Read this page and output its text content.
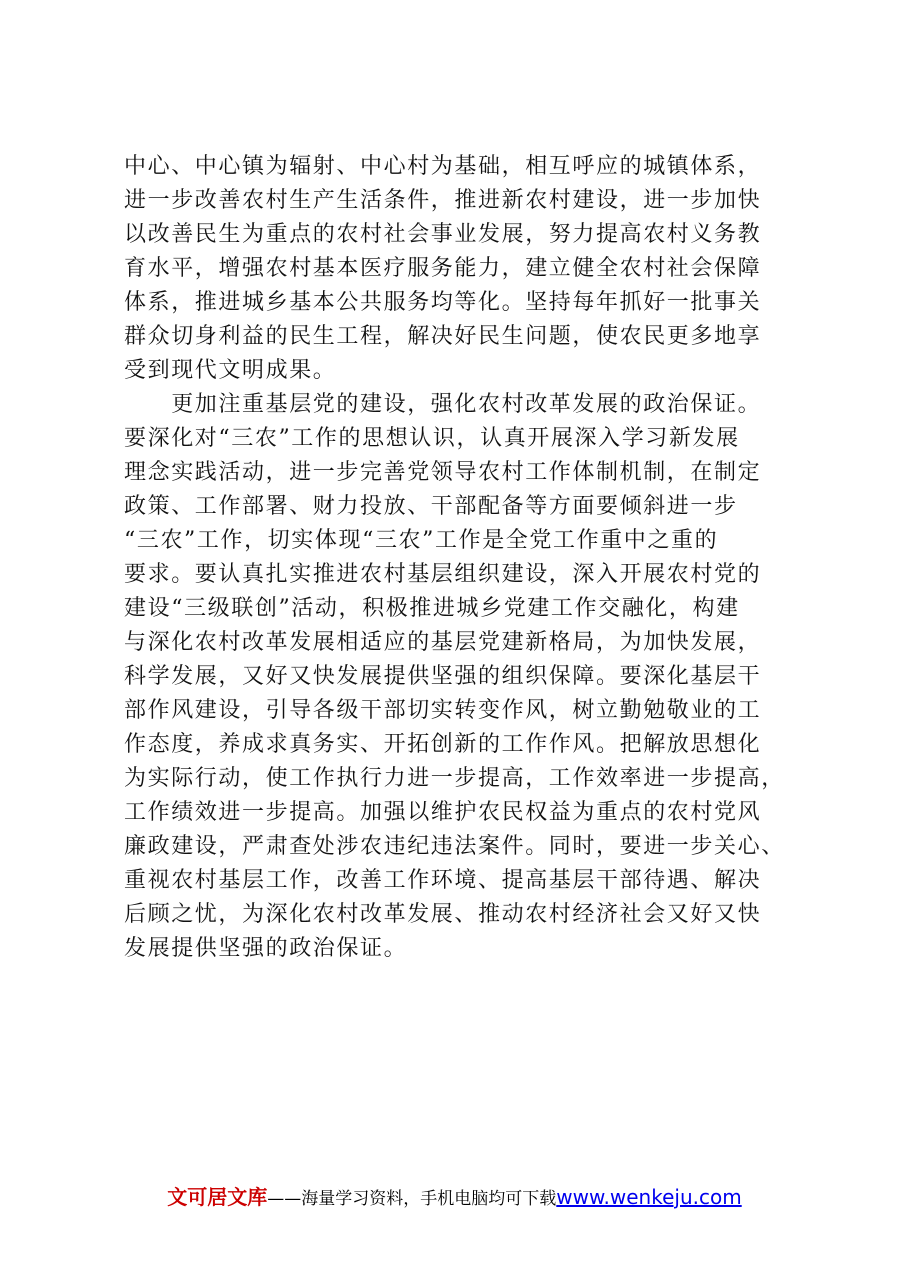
中心、中心镇为辐射、中心村为基础，相互呼应的城镇体系，
进一步改善农村生产生活条件，推进新农村建设，进一步加快
以改善民生为重点的农村社会事业发展，努力提高农村义务教
育水平，增强农村基本医疗服务能力，建立健全农村社会保障
体系，推进城乡基本公共服务均等化。坚持每年抓好一批事关
群众切身利益的民生工程，解决好民生问题，使农民更多地享
受到现代文明成果。
　　更加注重基层党的建设，强化农村改革发展的政治保证。
要深化对“三农”工作的思想认识，认真开展深入学习新发展
理念实践活动，进一步完善党领导农村工作体制机制，在制定
政策、工作部署、财力投放、干部配备等方面要倾斜进一步
“三农”工作，切实体现“三农”工作是全党工作重中之重的
要求。要认真扎实推进农村基层组织建设，深入开展农村党的
建设“三级联创”活动，积极推进城乡党建工作交融化，构建
与深化农村改革发展相适应的基层党建新格局，为加快发展，
科学发展，又好又快发展提供坚强的组织保障。要深化基层干
部作风建设，引导各级干部切实转变作风，树立勤勉敬业的工
作态度，养成求真务实、开拓创新的工作作风。把解放思想化
为实际行动，使工作执行力进一步提高，工作效率进一步提高，
工作绩效进一步提高。加强以维护农民权益为重点的农村党风
廉政建设，严肃查处涉农违纪违法案件。同时，要进一步关心、
重视农村基层工作，改善工作环境、提高基层干部待遇、解决
后顾之忧，为深化农村改革发展、推动农村经济社会又好又快
发展提供坚强的政治保证。
文可居文库——海量学习资料，手机电脑均可下载www.wenkeju.com
